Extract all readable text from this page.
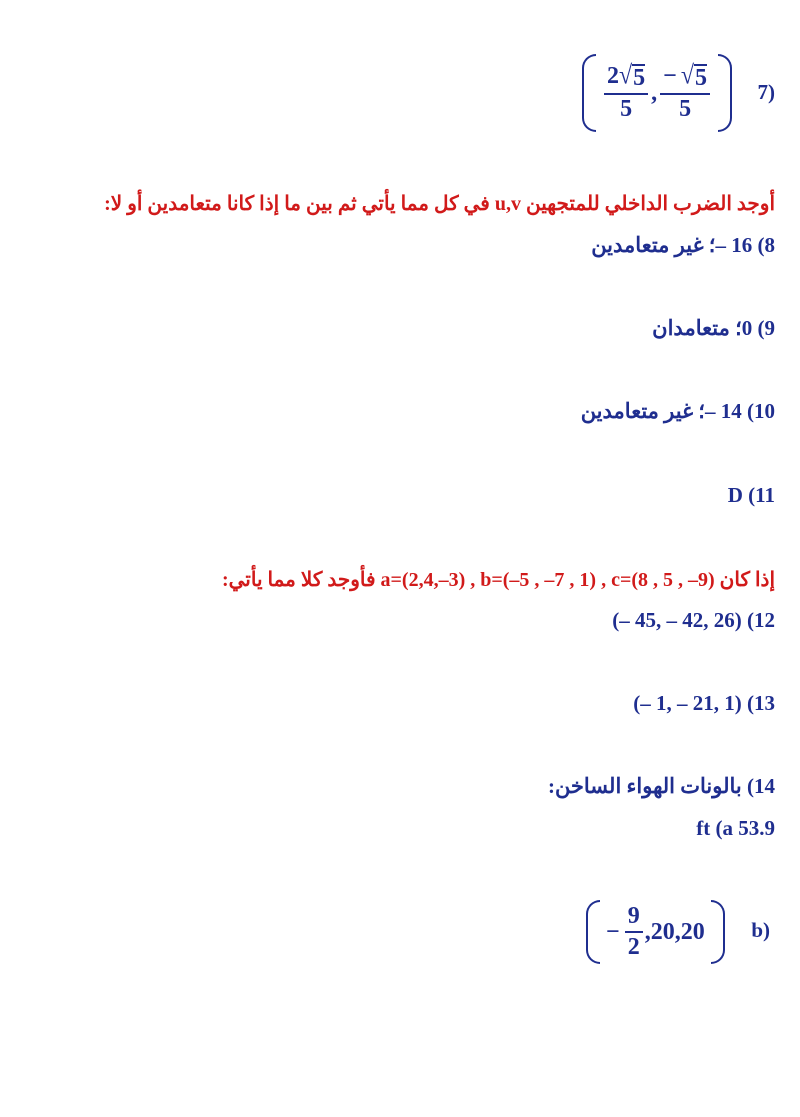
$\frac{2 √ 5}{5}$ , $\frac{- √ 5}{5} (7$
أوجد الضرب الداخلي للمتجهين u,v في كل مما يأتي ثم بين ما إذا كانا متعامدين أو لا:
8) 16 –؛ غير متعامدين
9) 0؛ متعامدان
10) 14 –؛ غير متعامدين
D (11
إذا كان a=(2,4,–3) , b=(–5 , –7 , 1) , c=(8 , 5 , –9) فأوجد كلا مما يأتي:
12) (26 ,42 – ,45 –)
13) (1 ,21 – ,1 –)
14) بالونات الهواء الساخن:
53.9 ft (a
− $\frac{9}{2} ,20,20$ (b
